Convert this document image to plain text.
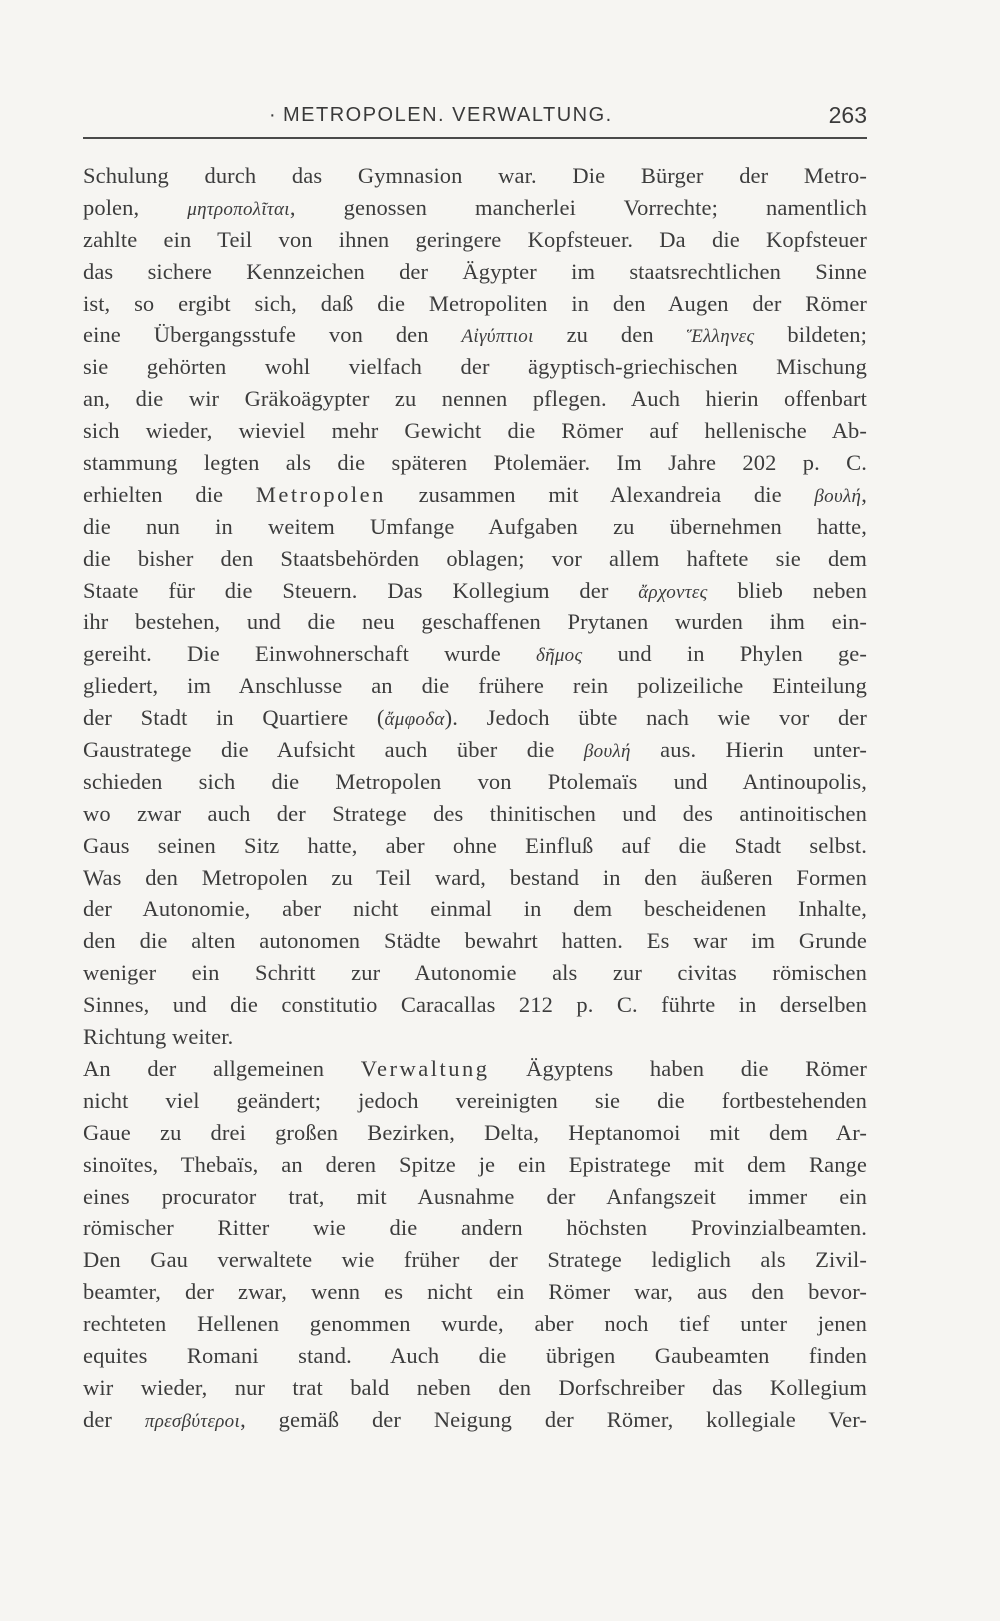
· METROPOLEN. VERWALTUNG.	263
Schulung durch das Gymnasion war. Die Bürger der Metro-
polen, μητροπολῖται, genossen mancherlei Vorrechte; namentlich
zahlte ein Teil von ihnen geringere Kopfsteuer. Da die Kopfsteuer
das sichere Kennzeichen der Ägypter im staatsrechtlichen Sinne
ist, so ergibt sich, daß die Metropoliten in den Augen der Römer
eine Übergangsstufe von den Αἰγύπτιοι zu den Ἕλληνες bildeten;
sie gehörten wohl vielfach der ägyptisch-griechischen Mischung
an, die wir Gräkoägypter zu nennen pflegen. Auch hierin offenbart
sich wieder, wieviel mehr Gewicht die Römer auf hellenische Ab-
stammung legten als die späteren Ptolemäer. Im Jahre 202 p. C.
erhielten die Metropolen zusammen mit Alexandreia die βουλή,
die nun in weitem Umfange Aufgaben zu übernehmen hatte,
die bisher den Staatsbehörden oblagen; vor allem haftete sie dem
Staate für die Steuern. Das Kollegium der ἄρχοντες blieb neben
ihr bestehen, und die neu geschaffenen Prytanen wurden ihm ein-
gereiht. Die Einwohnerschaft wurde δῆμος und in Phylen ge-
gliedert, im Anschlusse an die frühere rein polizeiliche Einteilung
der Stadt in Quartiere (ἄμφοδα). Jedoch übte nach wie vor der
Gaustratege die Aufsicht auch über die βουλή aus. Hierin unter-
schieden sich die Metropolen von Ptolemaïs und Antinoupolis,
wo zwar auch der Stratege des thinitischen und des antinoitischen
Gaus seinen Sitz hatte, aber ohne Einfluß auf die Stadt selbst.
Was den Metropolen zu Teil ward, bestand in den äußeren Formen
der Autonomie, aber nicht einmal in dem bescheidenen Inhalte,
den die alten autonomen Städte bewahrt hatten. Es war im Grunde
weniger ein Schritt zur Autonomie als zur civitas römischen
Sinnes, und die constitutio Caracallas 212 p. C. führte in derselben
Richtung weiter.
An der allgemeinen Verwaltung Ägyptens haben die Römer
nicht viel geändert; jedoch vereinigten sie die fortbestehenden
Gaue zu drei großen Bezirken, Delta, Heptanomoi mit dem Ar-
sinoïtes, Thebaïs, an deren Spitze je ein Epistratege mit dem Range
eines procurator trat, mit Ausnahme der Anfangszeit immer ein
römischer Ritter wie die andern höchsten Provinzialbeamten.
Den Gau verwaltete wie früher der Stratege lediglich als Zivil-
beamter, der zwar, wenn es nicht ein Römer war, aus den bevor-
rechteten Hellenen genommen wurde, aber noch tief unter jenen
equites Romani stand. Auch die übrigen Gaubeamten finden
wir wieder, nur trat bald neben den Dorfschreiber das Kollegium
der πρεσβύτεροι, gemäß der Neigung der Römer, kollegiale Ver-
